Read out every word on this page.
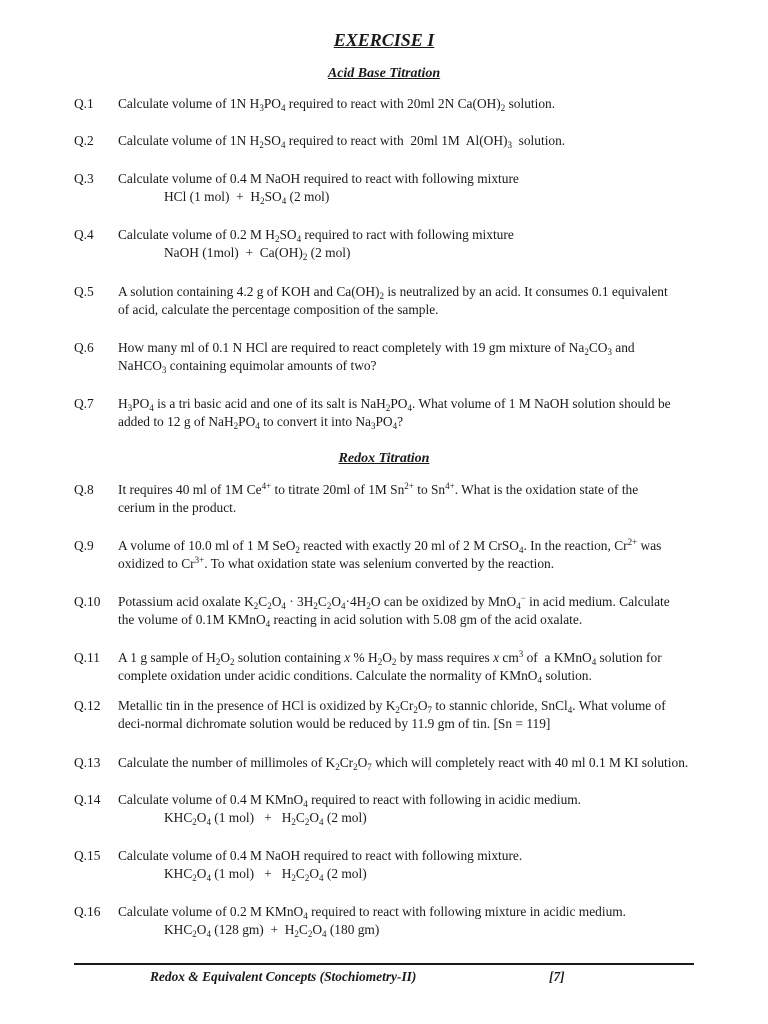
EXERCISE I
Acid Base Titration
Q.1 Calculate volume of 1N $H_3PO_4$ required to react with 20ml 2N $Ca(OH)_2$ solution.
Q.2 Calculate volume of 1N $H_2SO_4$ required to react with  20ml 1M  $Al(OH)_3$  solution.
Q.3 Calculate volume of 0.4 M NaOH required to react with following mixture
HCl (1 $mol) + H_2SO_4$ (2 mol)
Q.4 Calculate volume of 0.2 M $H_2SO_4$ required to ract with following mixture
NaOH $(1mol) + Ca(OH)_2$ (2 mol)
Q.5 A solution containing 4.2 g of KOH and $Ca(OH)_2$ is neutralized by an acid. It consumes 0.1 equivalent
of acid, calculate the percentage composition of the sample.
Q.6 How many ml of 0.1 N HCl are required to react completely with 19 gm mixture of $Na_2CO_3$ and
NaHCO$_3$ containing equimolar amounts of two?
Q.7 $H_3PO_4$ is a tri basic acid and one of its salt is $NaH_2PO_4$. What volume of 1 M NaOH solution should be
added to 12 g of $NaH_2PO_4$ to convert it into $Na_3PO_4$?
Redox Titration
Q.8 It requires 40 ml of 1M $Ce^{4+}$ to titrate 20ml of 1M $Sn^{2+}$ to $Sn^{4+}$. What is the oxidation state of the
cerium in the product.
Q.9 A volume of 10.0 ml of 1 M SeO$_2$ reacted with exactly 20 ml of 2 M CrSO$_4$. In the reaction, $Cr^{2+}$ was
oxidized to $Cr^{3+}$. To what oxidation state was selenium converted by the reaction.
Q.10 Potassium acid oxalate $K_2C_2O_4 \cdot 3H_2C_2O_4\cdot 4H_2O$ can be oxidized by MnO$_4$− in acid medium. Calculate
the volume of 0.1M KMnO$_4$ reacting in acid solution with 5.08 gm of the acid oxalate.
Q.11 A 1 g sample of $H_2O_2$ solution containing x % $H_2O_2$ by mass requires x $cm^3$ of  a KMnO$_4$ solution for
complete oxidation under acidic conditions. Calculate the normality of KMnO$_4$ solution.
Q.12 Metallic tin in the presence of HCl is oxidized by $K_2Cr_2O_7$ to stannic chloride, SnCl$_4$. What volume of
deci-normal dichromate solution would be reduced by 11.9 gm of tin. [Sn = 119]
Q.13 Calculate the number of millimoles of $K_2Cr_2O_7$ which will completely react with 40 ml 0.1 M KI solution.
Q.14 Calculate volume of 0.4 M KMnO$_4$ required to react with following in acidic medium.
$KHC_2O_4$ (1 $mol) + H_2C_2O_4$ (2 mol)
Q.15 Calculate volume of 0.4 M NaOH required to react with following mixture.
$KHC_2O_4$ (1 $mol) + H_2C_2O_4$ (2 mol)
Q.16 Calculate volume of 0.2 M KMnO$_4$ required to react with following mixture in acidic medium.
$KHC_2O_4$ (128 $gm) + H_2C_2O_4$ (180 gm)
Redox & Equivalent Concepts (Stochiometry-II)	[7]
